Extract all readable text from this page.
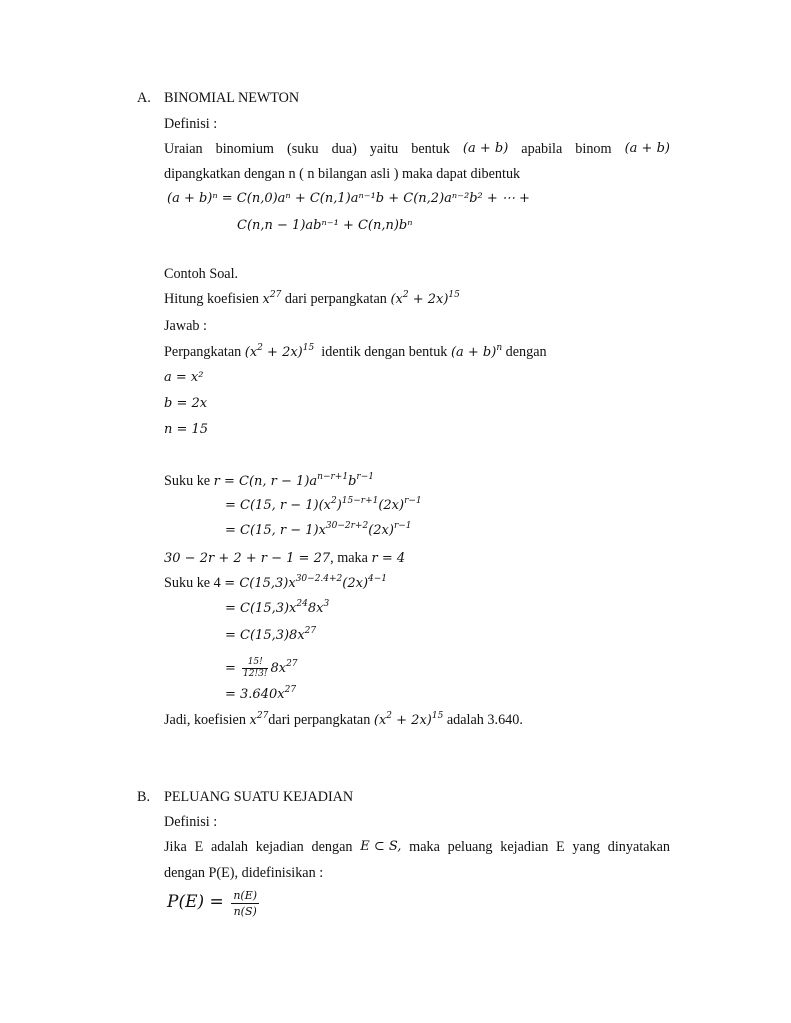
A. BINOMIAL NEWTON
Definisi :
Uraian binomium (suku dua) yaitu bentuk (a + b) apabila binom (a + b)
dipangkatkan dengan n ( n bilangan asli ) maka dapat dibentuk
(a + b)ⁿ = C(n,0)aⁿ + C(n,1)aⁿ⁻¹b + C(n,2)aⁿ⁻²b² + ⋯ +
C(n,n − 1)abⁿ⁻¹ + C(n,n)bⁿ
Contoh Soal.
Hitung koefisien $x^{27}$ dari perpangkatan $(x^2 + 2x)^{15}$
Jawab :
Perpangkatan $(x^2 + 2x)^{15}$ identik dengan bentuk $(a + b)^n$ dengan
a = x²
b = 2x
n = 15
Suku ke r = C(n, $r - 1)a^{n-r+1}b^{r-1}$
= C(15, $r - 1)(x^2)^{15-r+1}(2x)^{r-1}$
= C(15, $r - 1)x^{30-2r+2}(2x)^{r-1}$
30 − 2r + 2 + r − 1 = 27, maka r = 4
Suku ke $4 = C(15,3)x^{30-2.4+2}(2x)^{4-1}$
= $C(15,3)x^{24}8x^3$
= $C(15,3)8x^{27}$
= $\frac{15!}{12!3!} 8x^{27}$
= $3.640x^{27}$
Jadi, koefisien $x^{27}dari$ perpangkatan $(x^2 + 2x)^{15}$ adalah 3.640.
B. PELUANG SUATU KEJADIAN
Definisi :
Jika E adalah kejadian dengan E ⊂ S, maka peluang kejadian E yang dinyatakan
dengan P(E), didefinisikan :
$P(E) = \frac{n(E)}{n(S)}$
